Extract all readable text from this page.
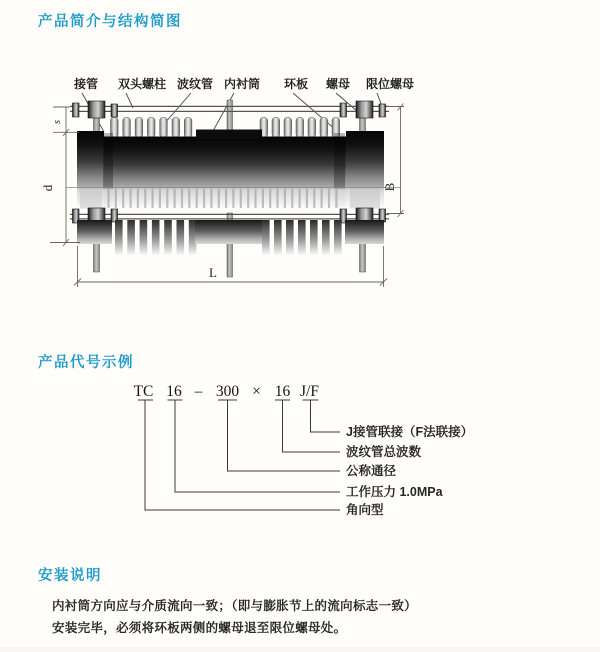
产品简介与结构简图
接管 双头螺柱 波纹管 内衬筒 环板 螺母 限位螺母
s
d	B
L
产品代号示例
TC 16 – 300 × 16 J/F
J接管联接（F法联接）
波纹管总波数
公称通径
工作压力 1.0MPa
角向型
安装说明

内衬筒方向应与介质流向一致；（即与膨胀节上的流向标志一致）

安装完毕，必须将环板两侧的螺母退至限位螺母处。
